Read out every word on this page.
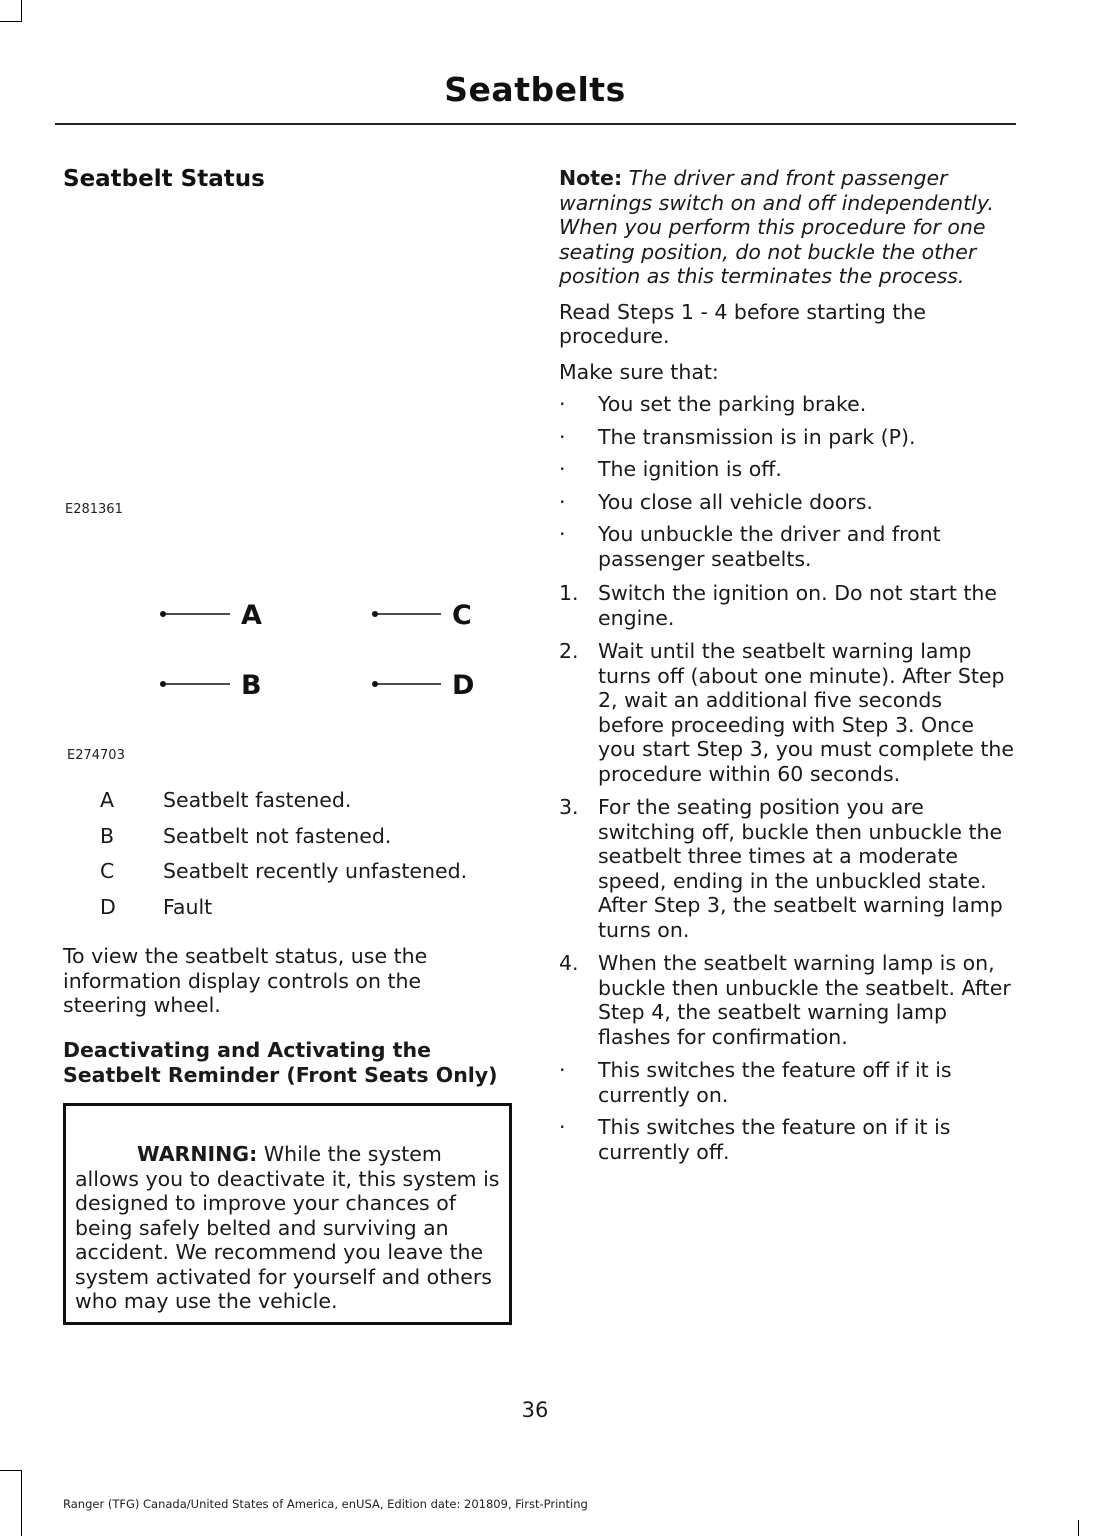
Seatbelts
Seatbelt Status
E281361
A
B
C
D
E274703
A	Seatbelt fastened.
B	Seatbelt not fastened.
C	Seatbelt recently unfastened.
D	Fault

To view the seatbelt status, use the information display controls on the steering wheel.

Deactivating and Activating the Seatbelt Reminder (Front Seats Only)
WARNING: While the system allows you to deactivate it, this system is designed to improve your chances of being safely belted and surviving an accident. We recommend you leave the system activated for yourself and others who may use the vehicle.

Note: The driver and front passenger warnings switch on and off independently. When you perform this procedure for one seating position, do not buckle the other position as this terminates the process.

Read Steps 1 - 4 before starting the procedure.

Make sure that:

·	You set the parking brake.
·	The transmission is in park (P).
·	The ignition is off.
·	You close all vehicle doors.
·	You unbuckle the driver and front passenger seatbelts.
1. Switch the ignition on. Do not start the engine.
2. Wait until the seatbelt warning lamp turns off (about one minute). After Step 2, wait an additional five seconds before proceeding with Step 3. Once you start Step 3, you must complete the procedure within 60 seconds.
3. For the seating position you are switching off, buckle then unbuckle the seatbelt three times at a moderate speed, ending in the unbuckled state. After Step 3, the seatbelt warning lamp turns on.
4. When the seatbelt warning lamp is on, buckle then unbuckle the seatbelt. After Step 4, the seatbelt warning lamp flashes for confirmation.
·	This switches the feature off if it is currently on.
·	This switches the feature on if it is currently off.
36
Ranger (TFG) Canada/United States of America, enUSA, Edition date: 201809, First-Printing
